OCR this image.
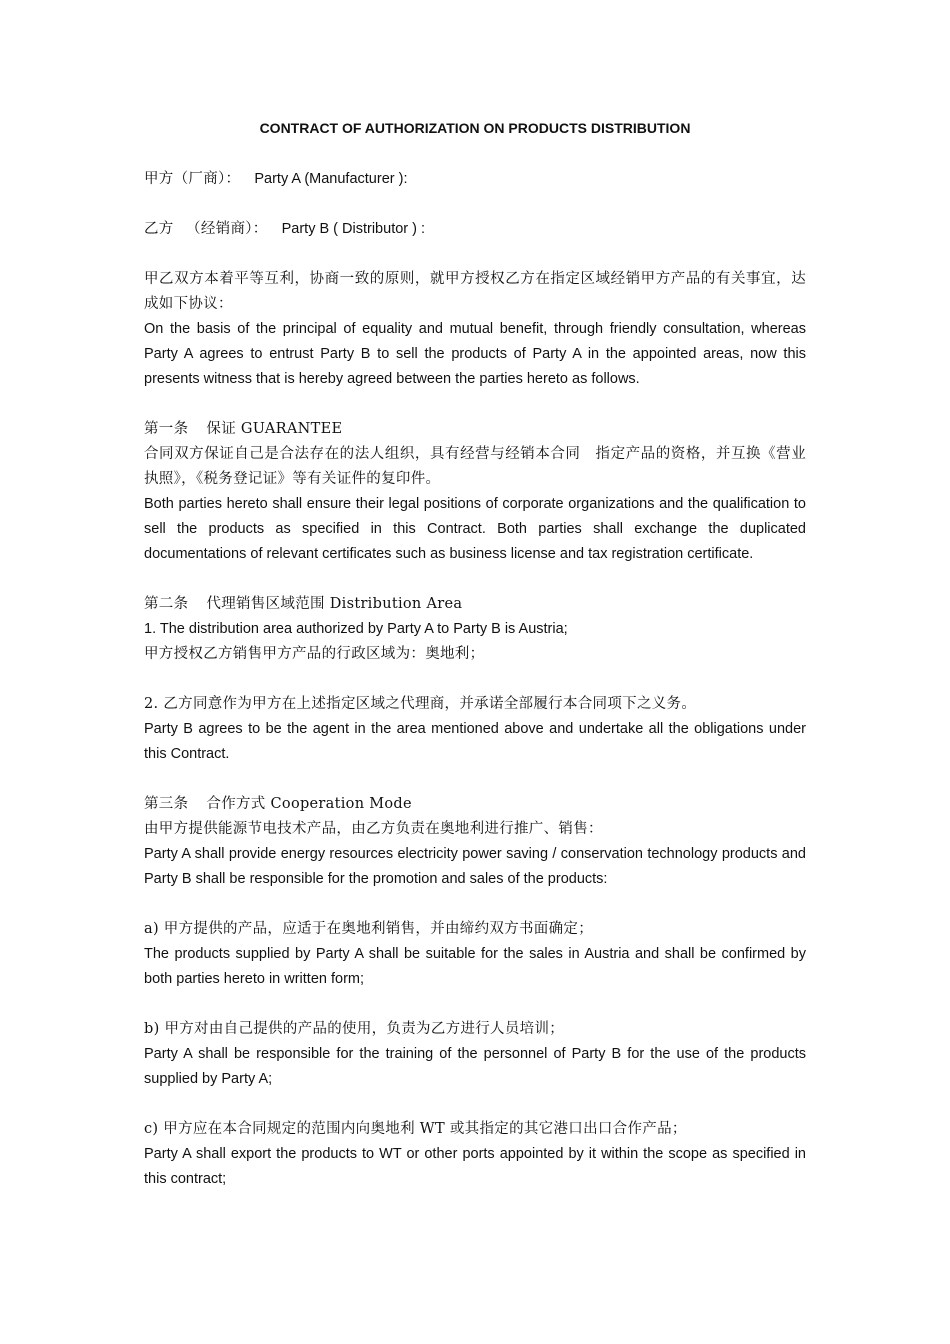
CONTRACT OF AUTHORIZATION ON PRODUCTS DISTRIBUTION

甲方（厂商）： Party A (Manufacturer ):

乙方 　（经销商）： Party B ( Distributor ) :

甲乙双方本着平等互利，协商一致的原则，就甲方授权乙方在指定区域经销甲方产品的有关事宜，达成如下协议：

On the basis of the principal of equality and mutual benefit, through friendly consultation, whereas Party A agrees to entrust Party B to sell the products of Party A in the appointed areas, now this presents witness that is hereby agreed between the parties hereto as follows.

第一条 保证 GUARANTEE

合同双方保证自己是合法存在的法人组织，具有经营与经销本合同　指定产品的资格，并互换《营业执照》，《税务登记证》等有关证件的复印件。

Both parties hereto shall ensure their legal positions of corporate organizations and the qualification to sell the products as specified in this Contract. Both parties shall exchange the duplicated documentations of relevant certificates such as business license and tax registration certificate.

第二条 代理销售区域范围 Distribution Area

1. The distribution area authorized by Party A to Party B is Austria;

甲方授权乙方销售甲方产品的行政区域为：奥地利；

2. 乙方同意作为甲方在上述指定区域之代理商，并承诺全部履行本合同项下之义务。

Party B agrees to be the agent in the area mentioned above and undertake all the obligations under this Contract.

第三条 合作方式 Cooperation Mode

由甲方提供能源节电技术产品，由乙方负责在奥地利进行推广、销售：

Party A shall provide energy resources electricity power saving / conservation technology products and Party B shall be responsible for the promotion and sales of the products:

a) 甲方提供的产品，应适于在奥地利销售，并由缔约双方书面确定；

The products supplied by Party A shall be suitable for the sales in Austria and shall be confirmed by both parties hereto in written form;

b) 甲方对由自己提供的产品的使用，负责为乙方进行人员培训；

Party A shall be responsible for the training of the personnel of Party B for the use of the products supplied by Party A;

c) 甲方应在本合同规定的范围内向奥地利 WT 或其指定的其它港口出口合作产品；

Party A shall export the products to WT or other ports appointed by it within the scope as specified in this contract;
